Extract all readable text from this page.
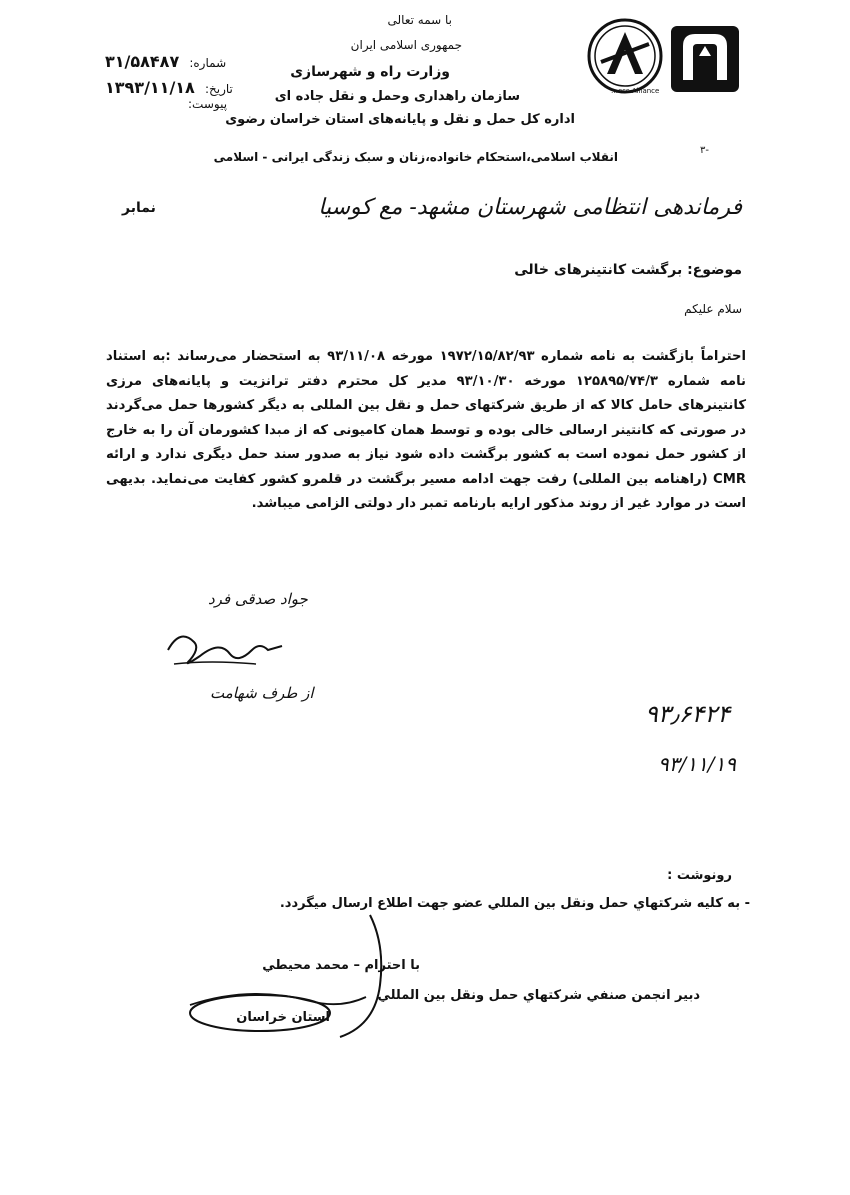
…ess Alliance
با سمه تعالی
جمهوری اسلامی ایران
وزارت راه و شهرسازی
سازمان راهداری وحمل و نقل جاده ای
اداره کل حمل و نقل و پایانه‌های استان خراسان رضوی
شماره: ۳۱/۵۸۴۸۷
تاریخ: ۱۳۹۳/۱۱/۱۸
پیوست:
۳-
انقلاب اسلامی،استحکام خانواده،زنان و سبک زندگی ایرانی - اسلامی
نمابر	فرماندهی انتظامی شهرستان مشهد- مع کوسیا
موضوع: برگشت کانتینرهای خالی
سلام علیکم
احتراماً بازگشت به نامه شماره ۱۹۷۲/۱۵/۸۲/۹۳ مورخه ۹۳/۱۱/۰۸ به استحضار می‌رساند :به استناد نامه شماره ۱۲۵۸۹۵/۷۴/۳ مورخه ۹۳/۱۰/۳۰ مدیر کل محترم دفتر ترانزیت و پایانه‌های مرزی کانتینرهای حامل کالا که از طریق شرکتهای حمل و نقل بین المللی به دیگر کشورها حمل می‌گردند در صورتی که کانتینر ارسالی خالی بوده و توسط همان کامیونی که از مبدا کشورمان آن را به خارج از کشور حمل نموده است به کشور برگشت داده شود نیاز به صدور سند حمل دیگری ندارد و ارائه CMR (راهنامه بین المللی) رفت جهت ادامه مسیر برگشت در قلمرو کشور کفایت می‌نماید. بدیهی است در موارد غیر از روند مذکور ارایه بارنامه تمبر دار دولتی الزامی میباشد.
جواد صدقی فرد
از طرف شهامت
۹۳٫۶۴۲۴
۹۳/۱۱/۱۹
رونوشت :
- به کلیه شرکتهاي حمل ونقل بين المللي عضو جهت اطلاع ارسال ميگردد.
با احترام – محمد محيطي
دبير انجمن صنفي شركتهاي حمل ونقل بين المللي
استان خراسان
